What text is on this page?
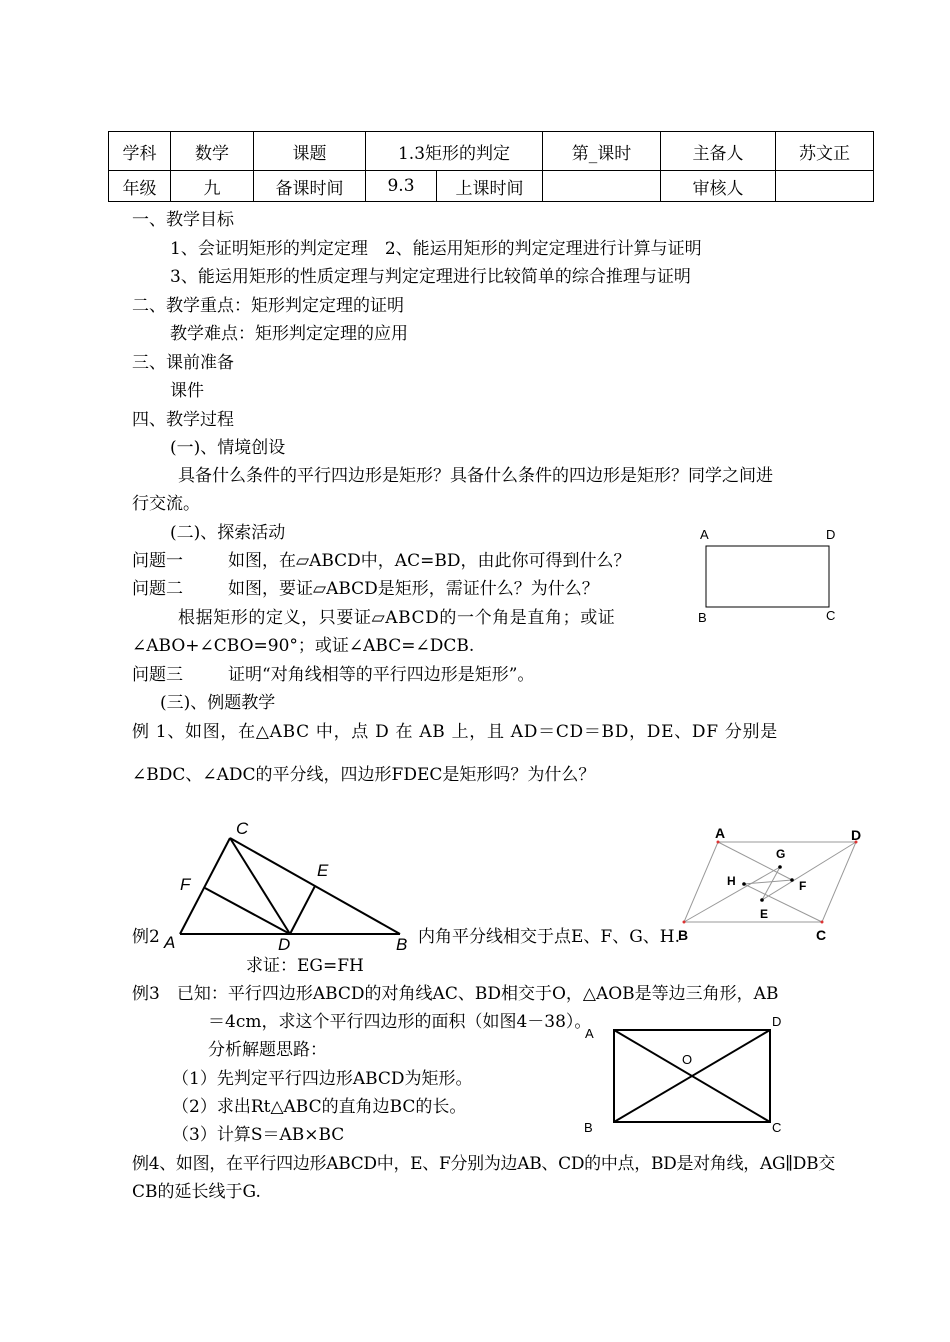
学科	数学	课题	1.3矩形的判定		第_课时	主备人	苏文正
年级	九	备课时间	9.3	上课时间		审核人	
一、教学目标
1、会证明矩形的判定定理　2、能运用矩形的判定定理进行计算与证明
3、能运用矩形的性质定理与判定定理进行比较简单的综合推理与证明
二、教学重点：矩形判定定理的证明
教学难点：矩形判定定理的应用
三、课前准备
课件
四、教学过程
(一)、情境创设
具备什么条件的平行四边形是矩形？具备什么条件的四边形是矩形？同学之间进
行交流。
(二)、探索活动
问题一	如图，在▱ABCD中，AC=BD，由此你可得到什么？
问题二	如图，要证▱ABCD是矩形，需证什么？为什么？
根据矩形的定义，只要证▱ABCD的一个角是直角；或证
∠ABO+∠CBO=90°；或证∠ABC=∠DCB.
问题三	证明“对角线相等的平行四边形是矩形”。
(三)、例题教学
例 1、如图，在△ABC 中，点 D 在 AB 上，且 AD＝CD＝BD，DE、DF 分别是
∠BDC、∠ADC的平分线，四边形FDEC是矩形吗？为什么？
例2	内角平分线相交于点E、F、G、H.
求证：EG=FH
例3　已知：平行四边形ABCD的对角线AC、BD相交于O，△AOB是等边三角形，AB
＝4cm，求这个平行四边形的面积（如图4－38）。
分析解题思路：
（1）先判定平行四边形ABCD为矩形。
（2）求出Rt△ABC的直角边BC的长。
（3）计算S＝AB×BC
例4、如图，在平行四边形ABCD中，E、F分别为边AB、CD的中点，BD是对角线，AG∥DB交
CB的延长线于G.
A	D
B	C
C
F
E
A	D	B
A	D
G
H	F
E
B	C
A
D
O
B	C
